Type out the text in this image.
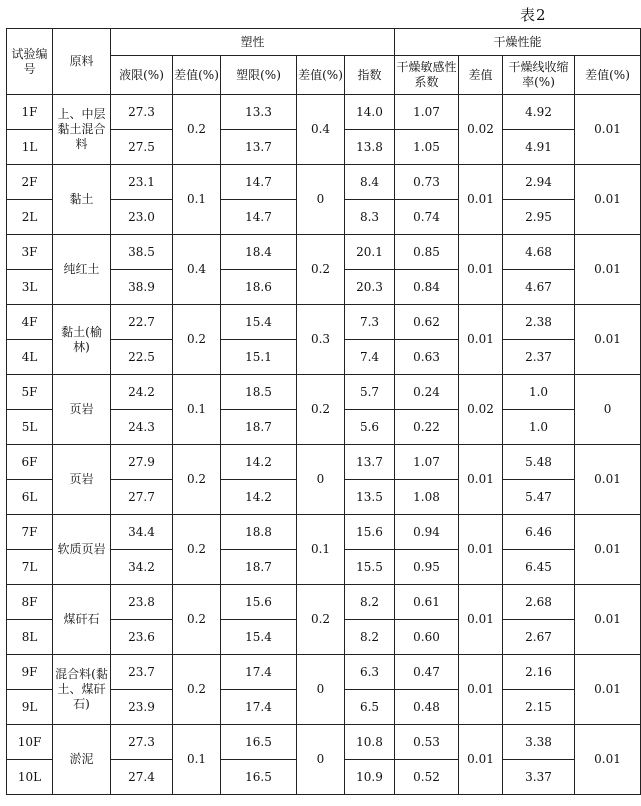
表2
试验编号	原料	塑性					干燥性能			
		液限(%)	差值(%)	塑限(%)	差值(%)	指数	干燥敏感性系数	差值	干燥线收缩率(%)	差值(%)
1F	上、中层黏土混合料	27.3	0.2	13.3	0.4	14.0	1.07	0.02	4.92	0.01
1L		27.5		13.7		13.8	1.05		4.91	
2F	黏土	23.1	0.1	14.7	0	8.4	0.73	0.01	2.94	0.01
2L		23.0		14.7		8.3	0.74		2.95	
3F	纯红土	38.5	0.4	18.4	0.2	20.1	0.85	0.01	4.68	0.01
3L		38.9		18.6		20.3	0.84		4.67	
4F	黏土(榆林)	22.7	0.2	15.4	0.3	7.3	0.62	0.01	2.38	0.01
4L		22.5		15.1		7.4	0.63		2.37	
5F	页岩	24.2	0.1	18.5	0.2	5.7	0.24	0.02	1.0	0
5L		24.3		18.7		5.6	0.22		1.0	
6F	页岩	27.9	0.2	14.2	0	13.7	1.07	0.01	5.48	0.01
6L		27.7		14.2		13.5	1.08		5.47	
7F	软质页岩	34.4	0.2	18.8	0.1	15.6	0.94	0.01	6.46	0.01
7L		34.2		18.7		15.5	0.95		6.45	
8F	煤矸石	23.8	0.2	15.6	0.2	8.2	0.61	0.01	2.68	0.01
8L		23.6		15.4		8.2	0.60		2.67	
9F	混合料(黏土、煤矸石)	23.7	0.2	17.4	0	6.3	0.47	0.01	2.16	0.01
9L		23.9		17.4		6.5	0.48		2.15	
10F	淤泥	27.3	0.1	16.5	0	10.8	0.53	0.01	3.38	0.01
10L		27.4		16.5		10.9	0.52		3.37	
